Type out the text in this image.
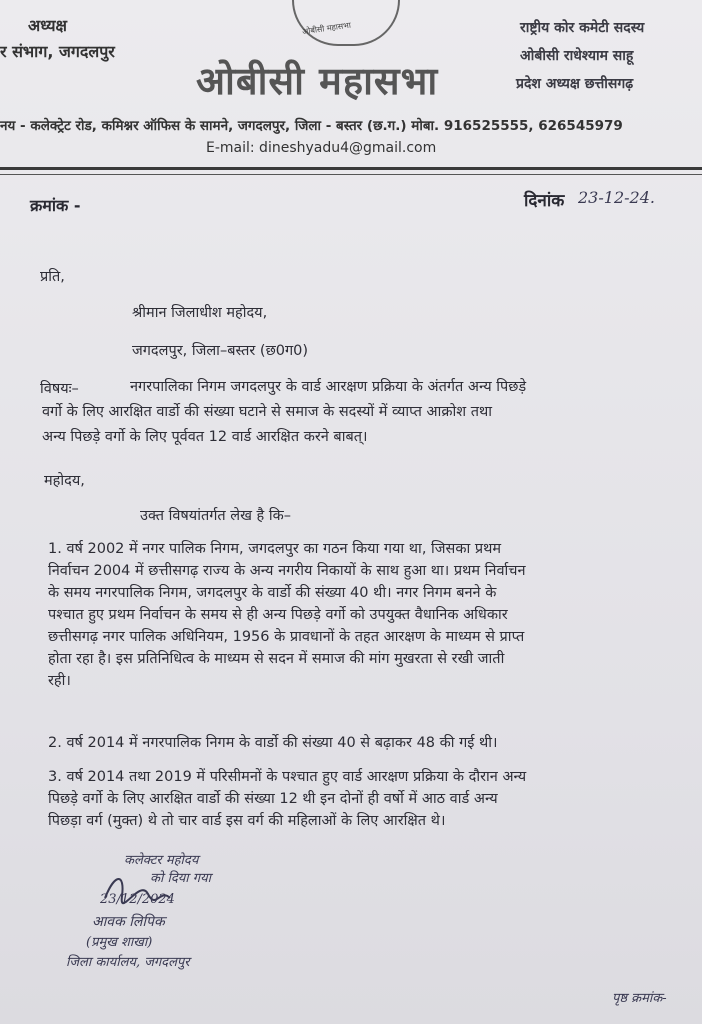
अध्यक्ष
र संभाग, जगदलपुर
ओबीसी महासभा
ओबीसी महासभा
राष्ट्रीय कोर कमेटी सदस्य
ओबीसी राधेश्याम साहू
प्रदेश अध्यक्ष छत्तीसगढ़
नय - कलेक्ट्रेट रोड, कमिश्नर ऑफिस के सामने, जगदलपुर, जिला - बस्तर (छ.ग.) मोबा. 916525555, 626545979
E-mail: dineshyadu4@gmail.com
क्रमांक -	दिनांक 23-12-24.
प्रति,
श्रीमान जिलाधीश महोदय,
जगदलपुर, जिला–बस्तर (छ0ग0)
विषयः–	नगरपालिका निगम जगदलपुर के वार्ड आरक्षण प्रक्रिया के अंतर्गत अन्य पिछड़े
वर्गो के लिए आरक्षित वार्डो की संख्या घटाने से समाज के सदस्यों में व्याप्त आक्रोश तथा
अन्य पिछड़े वर्गो के लिए पूर्ववत 12 वार्ड आरक्षित करने बाबत्।
महोदय,
उक्त विषयांतर्गत लेख है कि–
1. वर्ष 2002 में नगर पालिक निगम, जगदलपुर का गठन किया गया था, जिसका प्रथम
निर्वाचन 2004 में छत्तीसगढ़ राज्य के अन्य नगरीय निकायों के साथ हुआ था। प्रथम निर्वाचन
के समय नगरपालिक निगम, जगदलपुर के वार्डो की संख्या 40 थी। नगर निगम बनने के
पश्चात हुए प्रथम निर्वाचन के समय से ही अन्य पिछड़े वर्गो को उपयुक्त वैधानिक अधिकार
छत्तीसगढ़ नगर पालिक अधिनियम, 1956 के प्रावधानों के तहत आरक्षण के माध्यम से प्राप्त
होता रहा है। इस प्रतिनिधित्व के माध्यम से सदन में समाज की मांग मुखरता से रखी जाती
रही।
2. वर्ष 2014 में नगरपालिक निगम के वार्डो की संख्या 40 से बढ़ाकर 48 की गई थी।
3. वर्ष 2014 तथा 2019 में परिसीमनों के पश्चात हुए वार्ड आरक्षण प्रक्रिया के दौरान अन्य
पिछड़े वर्गो के लिए आरक्षित वार्डो की संख्या 12 थी इन दोनों ही वर्षो में आठ वार्ड अन्य
पिछड़ा वर्ग (मुक्त) थे तो चार वार्ड इस वर्ग की महिलाओं के लिए आरक्षित थे।
कलेक्टर महोदय
को दिया गया
23/12/2024
आवक लिपिक
(प्रमुख शाखा)
जिला कार्यालय, जगदलपुर
पृष्ठ क्रमांक-
